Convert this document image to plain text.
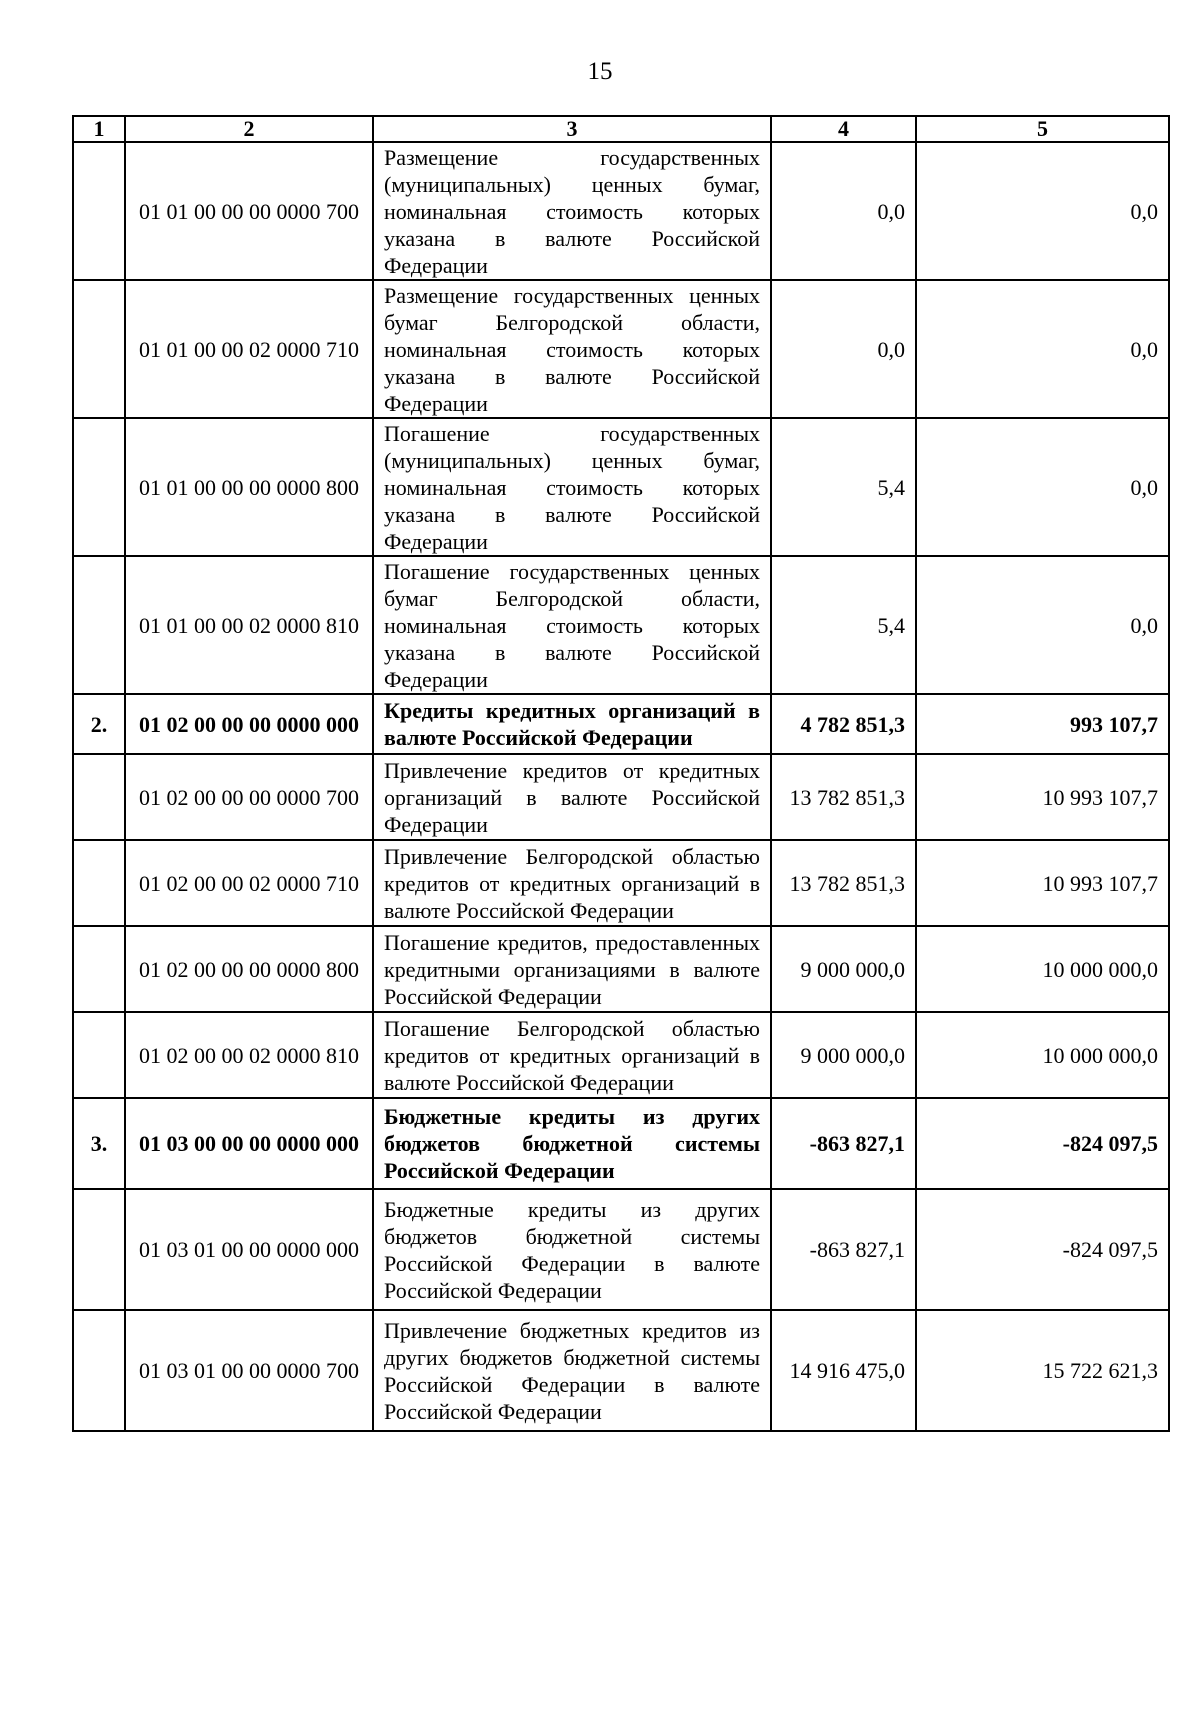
15
1	2	3	4	5
	01 01 00 00 00 0000 700	Размещение государственных (муниципальных) ценных бумаг, номинальная стоимость которых указана в валюте Российской Федерации	0,0	0,0
	01 01 00 00 02 0000 710	Размещение государственных ценных бумаг Белгородской области, номинальная стоимость которых указана в валюте Российской Федерации	0,0	0,0
	01 01 00 00 00 0000 800	Погашение государственных (муниципальных) ценных бумаг, номинальная стоимость которых указана в валюте Российской Федерации	5,4	0,0
	01 01 00 00 02 0000 810	Погашение государственных ценных бумаг Белгородской области, номинальная стоимость которых указана в валюте Российской Федерации	5,4	0,0
2.	01 02 00 00 00 0000 000	Кредиты кредитных организаций в валюте Российской Федерации	4 782 851,3	993 107,7
	01 02 00 00 00 0000 700	Привлечение кредитов от кредитных организаций в валюте Российской Федерации	13 782 851,3	10 993 107,7
	01 02 00 00 02 0000 710	Привлечение Белгородской областью кредитов от кредитных организаций в валюте Российской Федерации	13 782 851,3	10 993 107,7
	01 02 00 00 00 0000 800	Погашение кредитов, предоставленных кредитными организациями в валюте Российской Федерации	9 000 000,0	10 000 000,0
	01 02 00 00 02 0000 810	Погашение Белгородской областью кредитов от кредитных организаций в валюте Российской Федерации	9 000 000,0	10 000 000,0
3.	01 03 00 00 00 0000 000	Бюджетные кредиты из других бюджетов бюджетной системы Российской Федерации	-863 827,1	-824 097,5
	01 03 01 00 00 0000 000	Бюджетные кредиты из других бюджетов бюджетной системы Российской Федерации в валюте Российской Федерации	-863 827,1	-824 097,5
	01 03 01 00 00 0000 700	Привлечение бюджетных кредитов из других бюджетов бюджетной системы Российской Федерации в валюте Российской Федерации	14 916 475,0	15 722 621,3
